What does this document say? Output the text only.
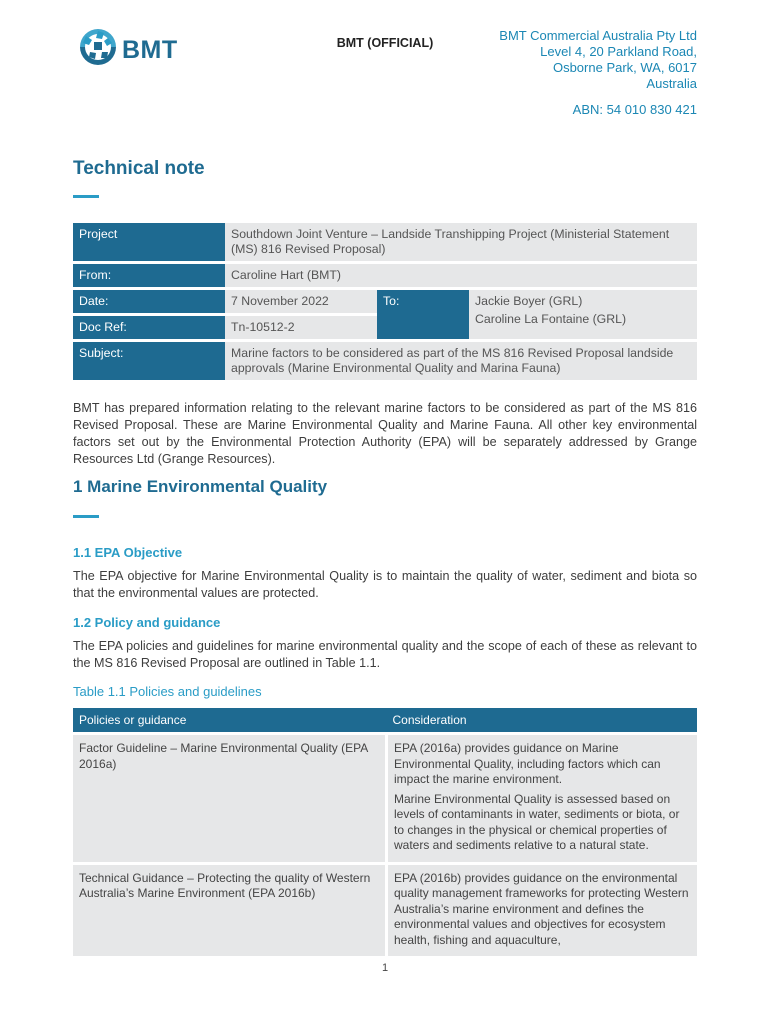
BMT	BMT (OFFICIAL)	BMT Commercial Australia Pty Ltd
Level 4, 20 Parkland Road,
Osborne Park, WA, 6017
Australia
ABN: 54 010 830 421
Technical note
Project	Southdown Joint Venture – Landside Transhipping Project (Ministerial Statement (MS) 816 Revised Proposal)		
From:	Caroline Hart (BMT)		
Date:	7 November 2022	To:	Jackie Boyer (GRL)
Caroline La Fontaine (GRL)

Doc Ref:	Tn-10512-2		
Subject:	Marine factors to be considered as part of the MS 816 Revised Proposal landside approvals (Marine Environmental Quality and Marina Fauna)		
BMT has prepared information relating to the relevant marine factors to be considered as part of the MS 816 Revised Proposal. These are Marine Environmental Quality and Marine Fauna. All other key environmental factors set out by the Environmental Protection Authority (EPA) will be separately addressed by Grange Resources Ltd (Grange Resources).
1 Marine Environmental Quality
1.1 EPA Objective
The EPA objective for Marine Environmental Quality is to maintain the quality of water, sediment and biota so that the environmental values are protected.
1.2 Policy and guidance
The EPA policies and guidelines for marine environmental quality and the scope of each of these as relevant to the MS 816 Revised Proposal are outlined in Table 1.1.
Table 1.1 Policies and guidelines
Policies or guidance	Consideration
Factor Guideline – Marine Environmental Quality (EPA 2016a)	EPA (2016a) provides guidance on Marine Environmental Quality, including factors which can impact the marine environment.

Marine Environmental Quality is assessed based on levels of contaminants in water, sediments or biota, or to changes in the physical or chemical properties of waters and sediments relative to a natural state.

Technical Guidance – Protecting the quality of Western Australia’s Marine Environment (EPA 2016b)	EPA (2016b) provides guidance on the environmental quality management frameworks for protecting Western Australia’s marine environment and defines the environmental values and objectives for ecosystem health, fishing and aquaculture,

1
